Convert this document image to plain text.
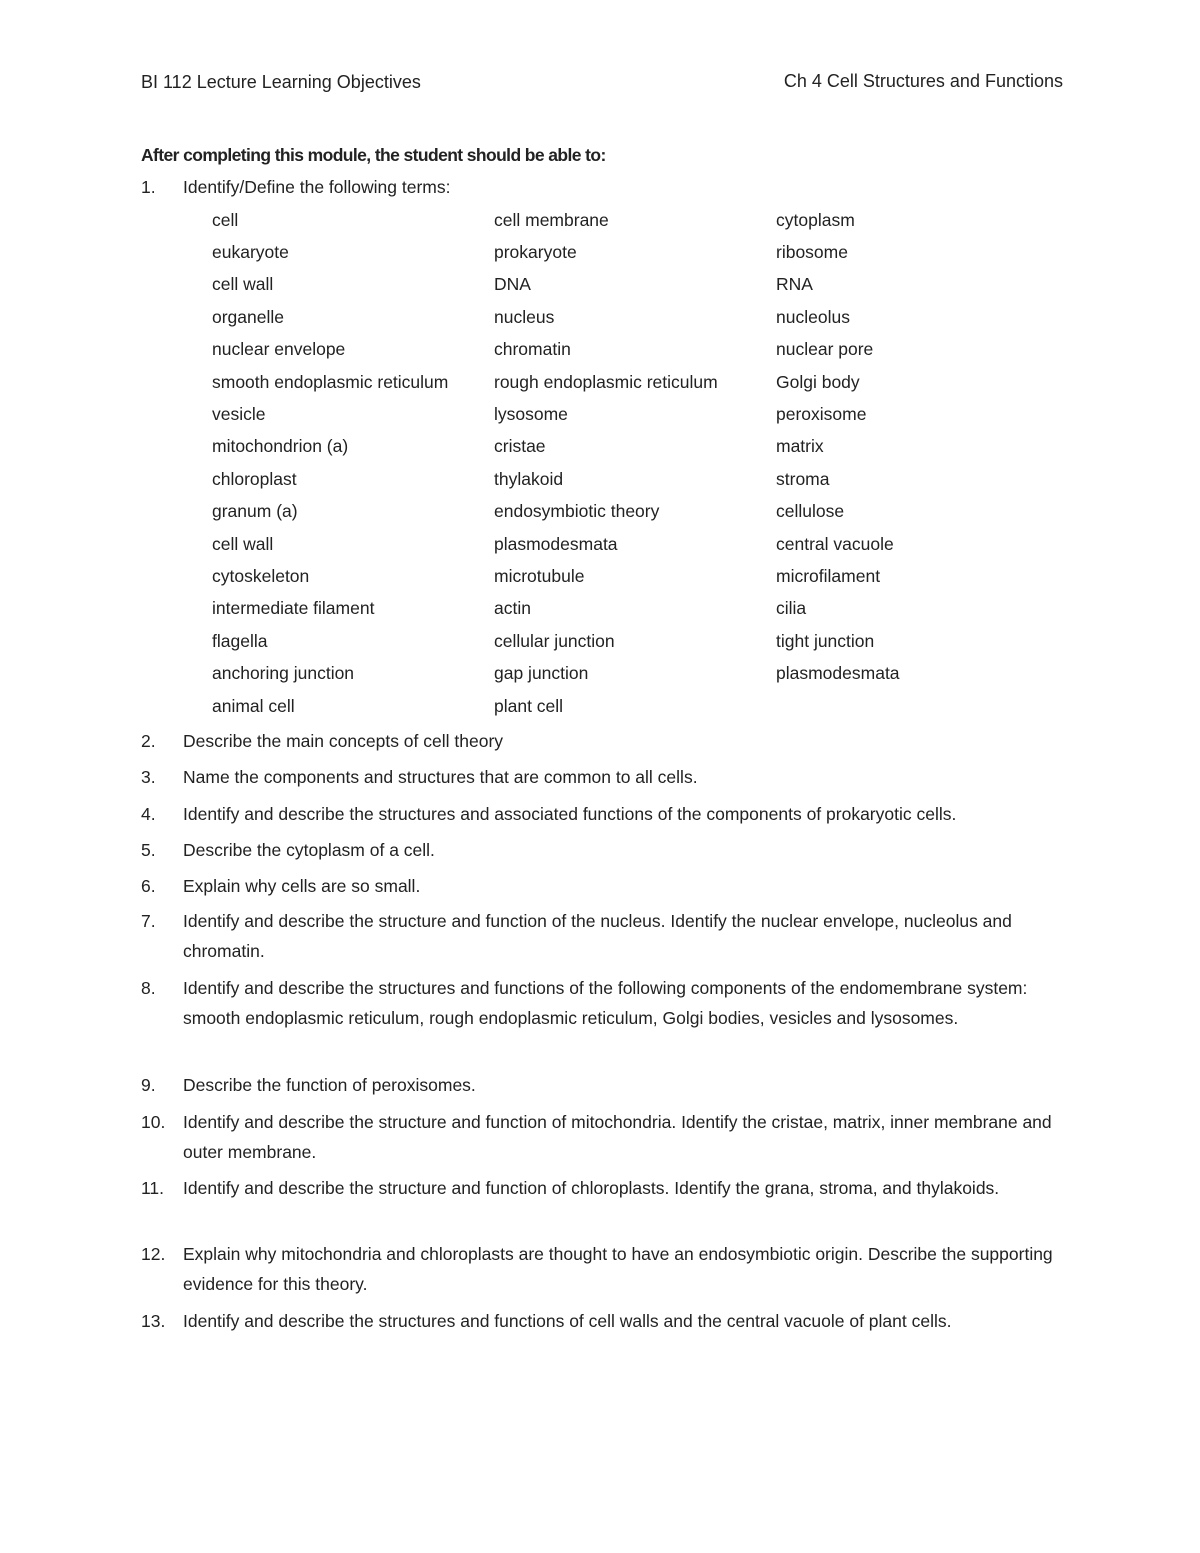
BI 112 Lecture Learning Objectives	Ch 4 Cell Structures and Functions
After completing this module, the student should be able to:
1. Identify/Define the following terms:
cell	cell membrane	cytoplasm
eukaryote	prokaryote	ribosome
cell wall	DNA	RNA
organelle	nucleus	nucleolus
nuclear envelope	chromatin	nuclear pore
smooth endoplasmic reticulum	rough endoplasmic reticulum	Golgi body
vesicle	lysosome	peroxisome
mitochondrion (a)	cristae	matrix
chloroplast	thylakoid	stroma
granum (a)	endosymbiotic theory	cellulose
cell wall	plasmodesmata	central vacuole
cytoskeleton	microtubule	microfilament
intermediate filament	actin	cilia
flagella	cellular junction	tight junction
anchoring junction	gap junction	plasmodesmata
animal cell	plant cell
2. Describe the main concepts of cell theory
3. Name the components and structures that are common to all cells.
4. Identify and describe the structures and associated functions of the components of prokaryotic cells.
5. Describe the cytoplasm of a cell.
6. Explain why cells are so small.
7. Identify and describe the structure and function of the nucleus. Identify the nuclear envelope, nucleolus and chromatin.
8. Identify and describe the structures and functions of the following components of the endomembrane system: smooth endoplasmic reticulum, rough endoplasmic reticulum, Golgi bodies, vesicles and lysosomes.
9. Describe the function of peroxisomes.
10. Identify and describe the structure and function of mitochondria. Identify the cristae, matrix, inner membrane and outer membrane.
11. Identify and describe the structure and function of chloroplasts. Identify the grana, stroma, and thylakoids.
12. Explain why mitochondria and chloroplasts are thought to have an endosymbiotic origin. Describe the supporting evidence for this theory.
13. Identify and describe the structures and functions of cell walls and the central vacuole of plant cells.
